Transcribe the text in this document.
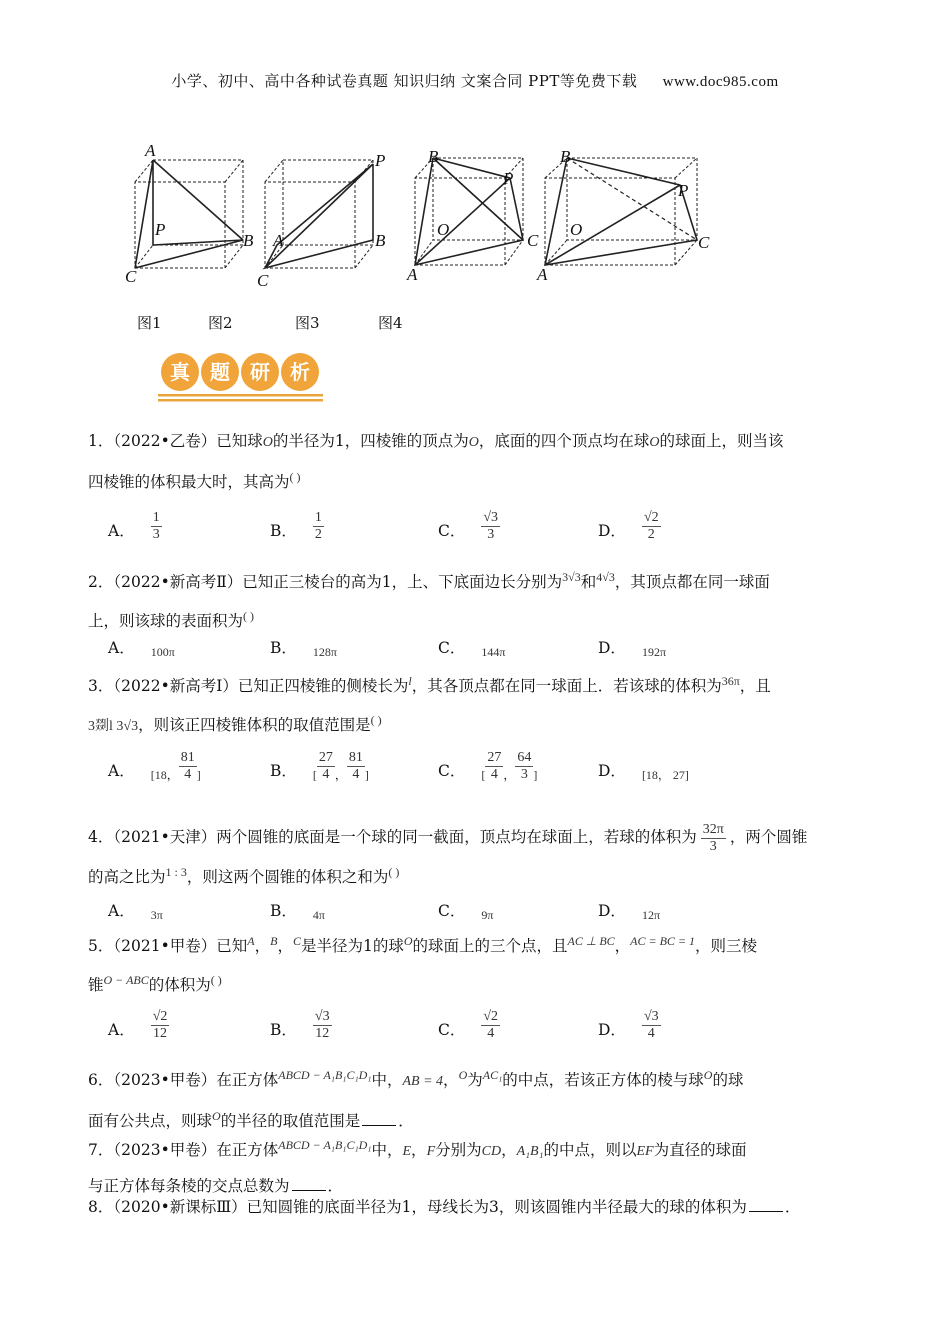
小学、初中、高中各种试卷真题 知识归纳 文案合同 PPT等免费下载 www.doc985.com
A
P
B
C
P
A	B
C
B
P
O
C
A
B
P
O
C
A
图1	图2	图3	图4
真 题 研 析
1．（2022•乙卷）已知球O的半径为1，四棱锥的顶点为O，底面的四个顶点均在球O的球面上，则当该
四棱锥的体积最大时，其高为( )
A． $\frac{1}{3}$	B． $\frac{1}{2}$	C． $\frac{√3}{3}$	D． $\frac{√2}{2}$
2．（2022•新高考Ⅱ）已知正三棱台的高为1，上、下底面边长分别为$^{3√3}$和$^{4√3}$，其顶点都在同一球面
上，则该球的表面积为( )
A． 100π	B． 128π	C． 144π	D． 192π
3．（2022•新高考Ⅰ）已知正四棱锥的侧棱长为$^l$，其各顶点都在同一球面上．若该球的体积为$^{36\pi}$，且
3剟l 3√3，则该正四棱锥体积的取值范围是( )
A． [18 ， $\frac{81}{4}$ ]	B． [ $\frac{27}{4}$ ， $\frac{81}{4}$ ]	C． [ $\frac{27}{4}$ ， $\frac{64}{3}$ ]	D． [18， 27]
4．（2021•天津）两个圆锥的底面是一个球的同一截面，顶点均在球面上，若球的体积为 $\frac{32\pi}{3}$ ，两个圆锥
的高之比为$^{1 : 3}$，则这两个圆锥的体积之和为( )
A． 3π	B． 4π	C． 9π	D． 12π
5．（2021•甲卷）已知$^A$，$^B$，$^C$是半径为1的球$^O$的球面上的三个点，且$^{AC \perp BC}$，$^{AC = BC = 1}$，则三棱
锥$^{O - ABC}$的体积为( )
A． $\frac{√2}{12}$	B． $\frac{√3}{12}$	C． $\frac{√2}{4}$	D． $\frac{√3}{4}$
6．（2023•甲卷）在正方体$^{ABCD - A_1B_1C_1D_1}$中，AB = 4，$^O$为$^{AC_1}$的中点，若该正方体的棱与球$^O$的球
面有公共点，则球$^O$的半径的取值范围是 ．
7．（2023•甲卷）在正方体$^{ABCD - A_1B_1C_1D_1}$中，E，F分别为CD，A₁B₁的中点，则以EF为直径的球面
与正方体每条棱的交点总数为 ．
8．（2020•新课标Ⅲ）已知圆锥的底面半径为1，母线长为3，则该圆锥内半径最大的球的体积为 ．
